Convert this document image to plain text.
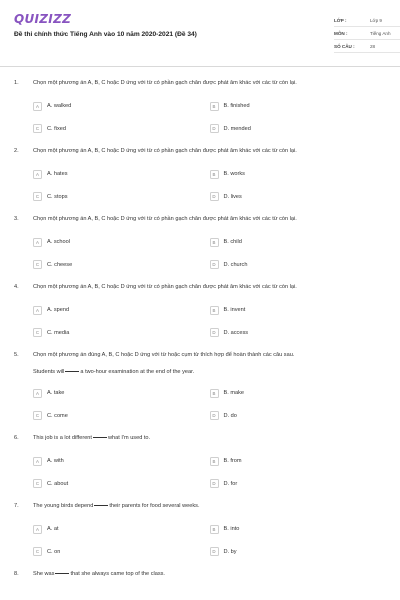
QUIZIZZ
Đề thi chính thức Tiếng Anh vào 10 năm 2020-2021 (Đề 34)
LỚP :	Lớp 9
MÔN :	Tiếng Anh
SỐ CÂU :	28
1.	Chọn một phương án A, B, C hoặc D ứng với từ có phần gạch chân được phát âm khác với các từ còn lại.
A	A. walked	B	B. finished
C	C. fixed	D	D. mended
2.	Chọn một phương án A, B, C hoặc D ứng với từ có phần gạch chân được phát âm khác với các từ còn lại.
A	A. hates	B	B. works
C	C. stops	D	D. lives
3.	Chọn một phương án A, B, C hoặc D ứng với từ có phần gạch chân được phát âm khác với các từ còn lại.
A	A. school	B	B. child
C	C. cheese	D	D. church
4.	Chọn một phương án A, B, C hoặc D ứng với từ có phần gạch chân được phát âm khác với các từ còn lại.
A	A. spend	B	B. invent
C	C. media	D	D. access
5.	Chọn một phương án đúng A, B, C hoặc D ứng với từ hoặc cụm từ thích hợp để hoàn thành các câu sau.
Students will	a two-hour examination at the end of the year.
A	A. take	B	B. make
C	C. come	D	D. do
6.	This job is a lot different	what I'm used to.
A	A. with	B	B. from
C	C. about	D	D. for
7.	The young birds depend	their parents for food several weeks.
A	A. at	B	B. into
C	C. on	D	D. by
8.	She was	that she always came top of the class.
